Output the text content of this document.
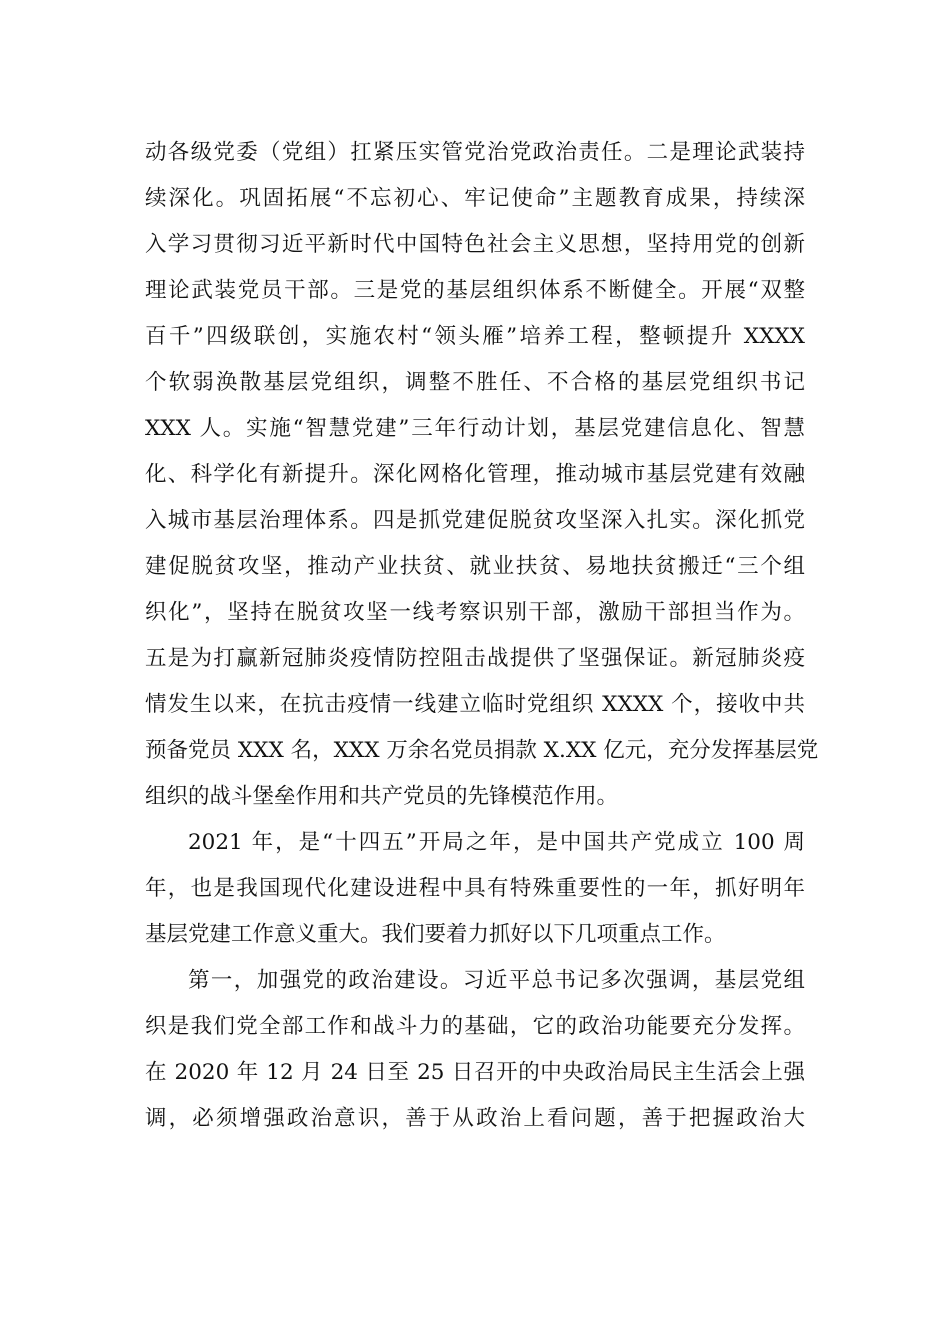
动各级党委（党组）扛紧压实管党治党政治责任。二是理论武装持
续深化。巩固拓展“不忘初心、牢记使命”主题教育成果，持续深
入学习贯彻习近平新时代中国特色社会主义思想，坚持用党的创新
理论武装党员干部。三是党的基层组织体系不断健全。开展“双整
百千”四级联创，实施农村“领头雁”培养工程，整顿提升 XXXX
个软弱涣散基层党组织，调整不胜任、不合格的基层党组织书记
XXX 人。实施“智慧党建”三年行动计划，基层党建信息化、智慧
化、科学化有新提升。深化网格化管理，推动城市基层党建有效融
入城市基层治理体系。四是抓党建促脱贫攻坚深入扎实。深化抓党
建促脱贫攻坚，推动产业扶贫、就业扶贫、易地扶贫搬迁“三个组
织化”，坚持在脱贫攻坚一线考察识别干部，激励干部担当作为。
五是为打赢新冠肺炎疫情防控阻击战提供了坚强保证。新冠肺炎疫
情发生以来，在抗击疫情一线建立临时党组织 XXXX 个，接收中共
预备党员 XXX 名，XXX 万余名党员捐款 X.XX 亿元，充分发挥基层党
组织的战斗堡垒作用和共产党员的先锋模范作用。
2021 年，是“十四五”开局之年，是中国共产党成立 100 周
年，也是我国现代化建设进程中具有特殊重要性的一年，抓好明年
基层党建工作意义重大。我们要着力抓好以下几项重点工作。
第一，加强党的政治建设。习近平总书记多次强调，基层党组
织是我们党全部工作和战斗力的基础，它的政治功能要充分发挥。
在 2020 年 12 月 24 日至 25 日召开的中央政治局民主生活会上强
调，必须增强政治意识，善于从政治上看问题，善于把握政治大
